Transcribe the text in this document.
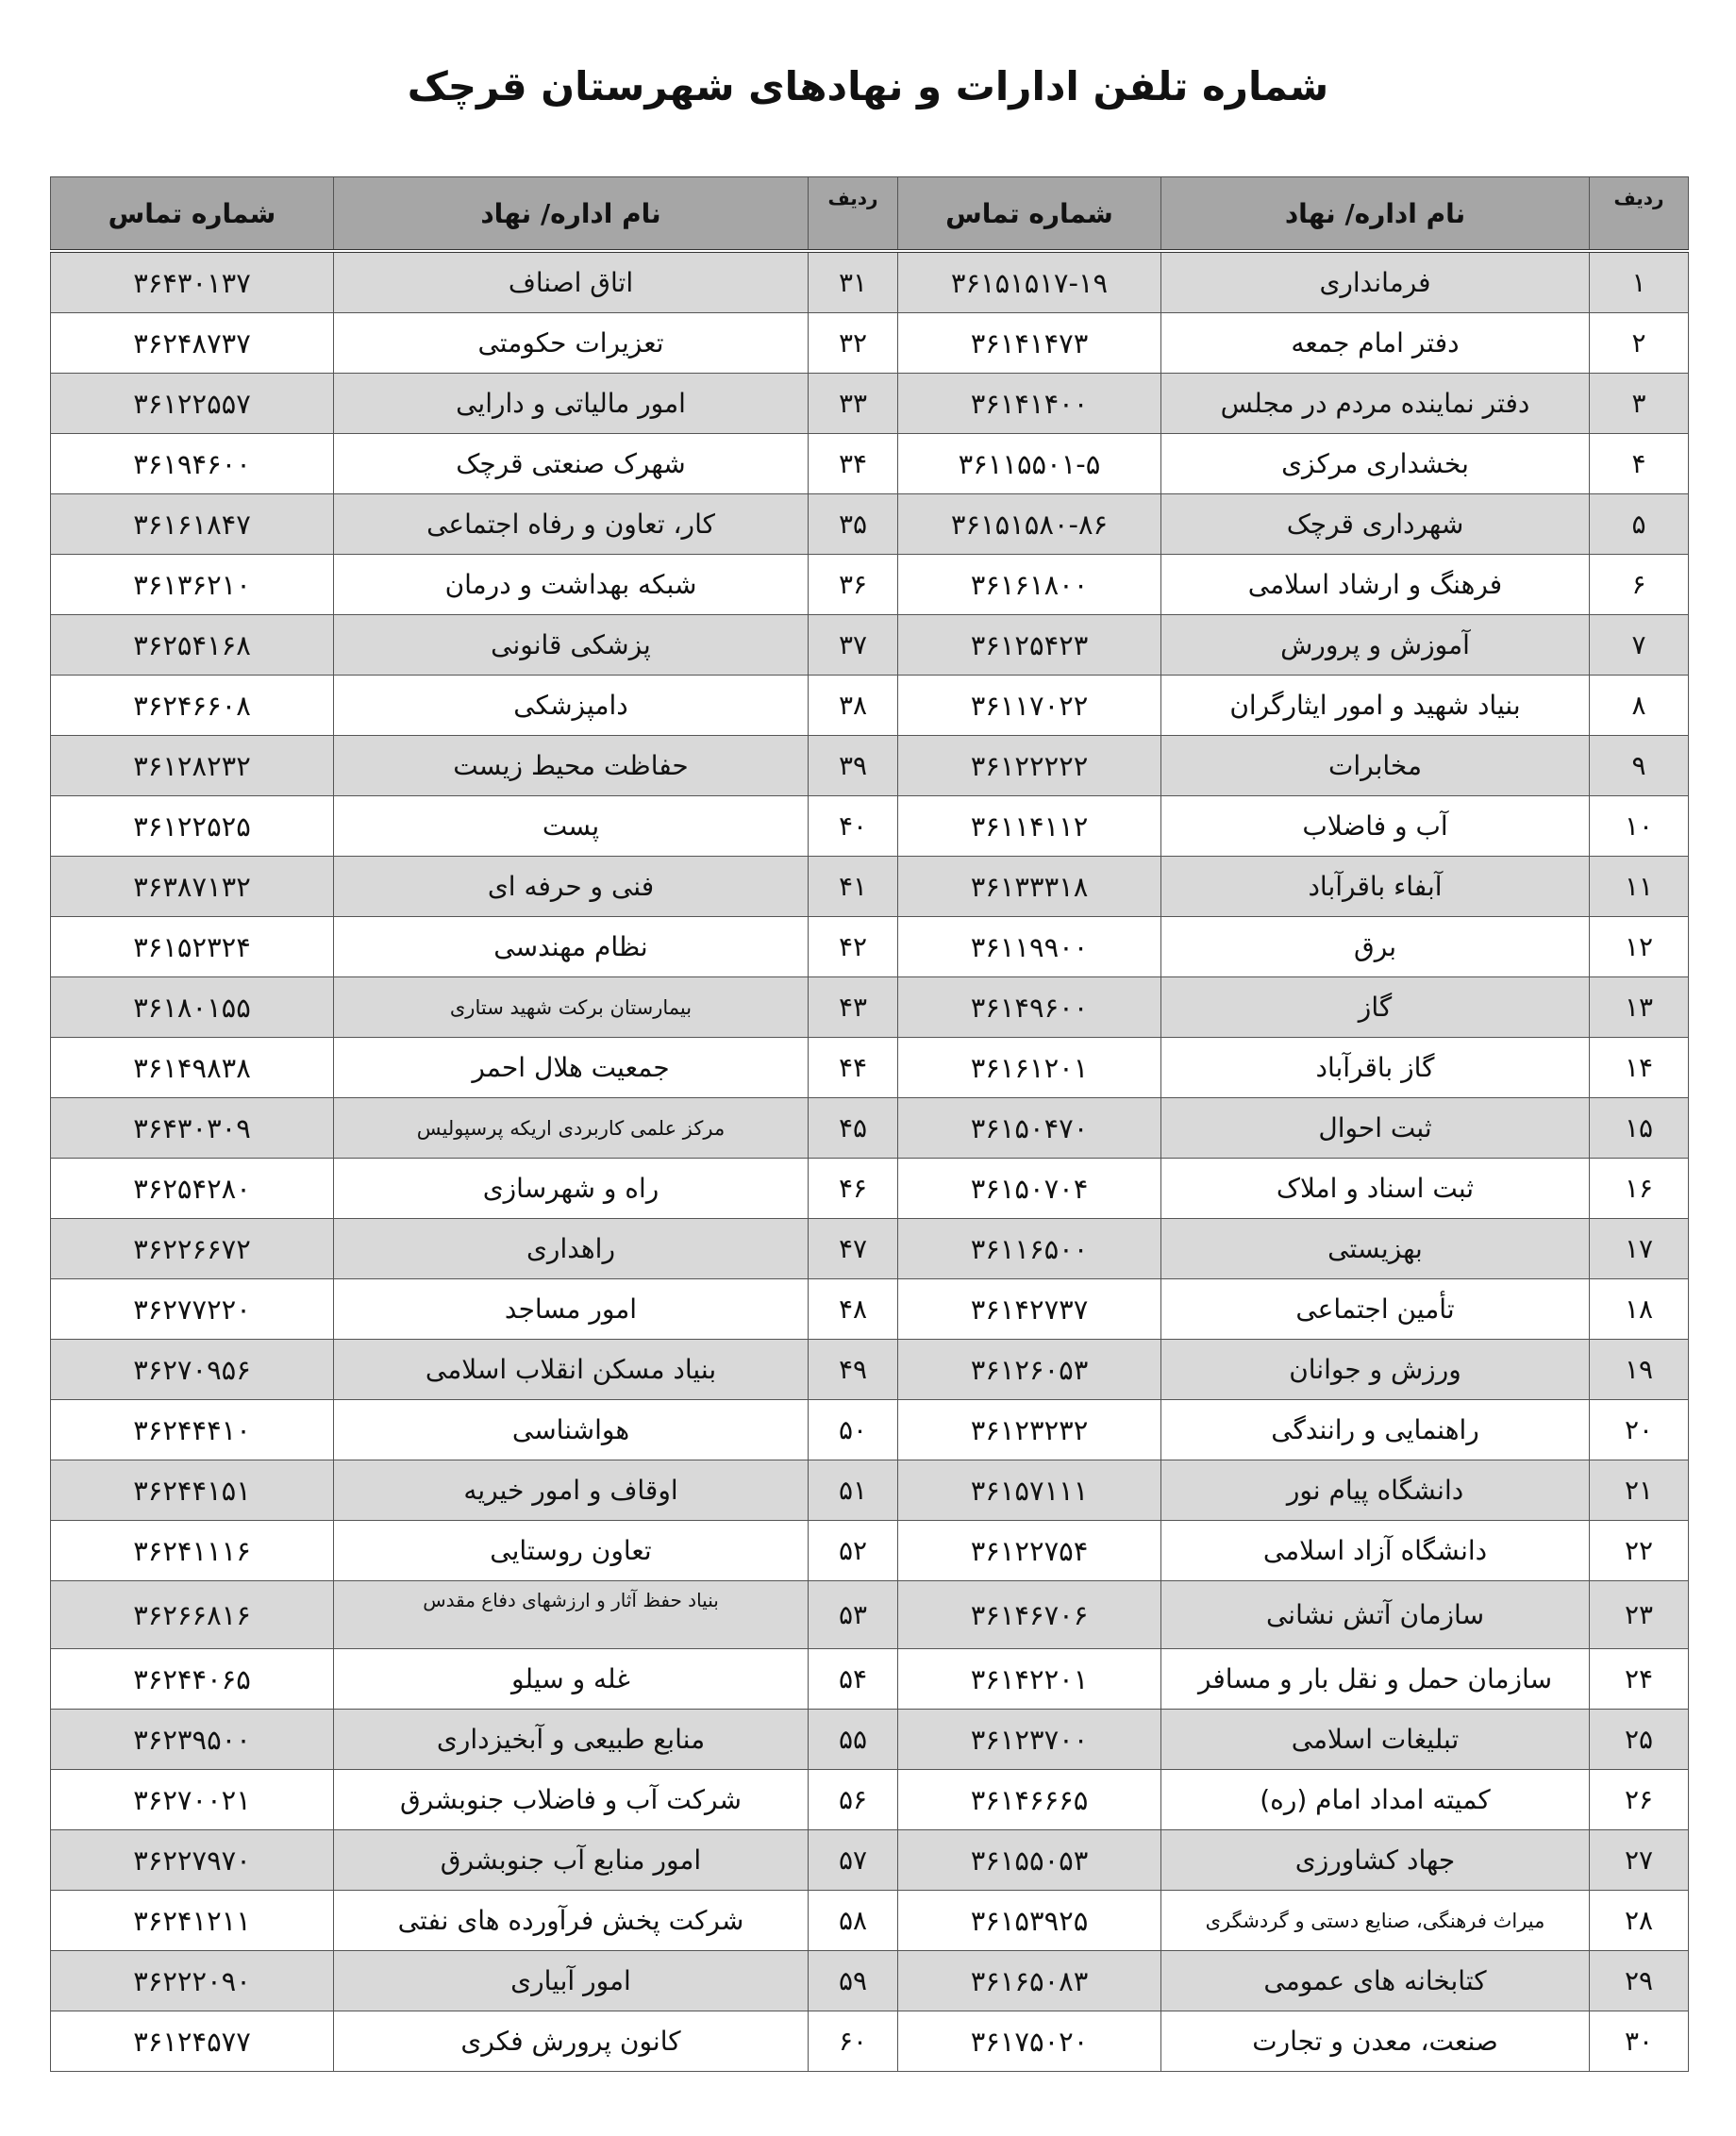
شماره تلفن ادارات و نهادهای شهرستان قرچک
ردیف	نام اداره/ نهاد	شماره تماس	ردیف	نام اداره/ نهاد	شماره تماس
۱	فرمانداری	۳۶۱۵۱۵۱۷-۱۹	۳۱	اتاق اصناف	۳۶۴۳۰۱۳۷
۲	دفتر امام جمعه	۳۶۱۴۱۴۷۳	۳۲	تعزیرات حکومتی	۳۶۲۴۸۷۳۷
۳	دفتر نماینده مردم در مجلس	۳۶۱۴۱۴۰۰	۳۳	امور مالیاتی و دارایی	۳۶۱۲۲۵۵۷
۴	بخشداری مرکزی	۳۶۱۱۵۵۰۱-۵	۳۴	شهرک صنعتی قرچک	۳۶۱۹۴۶۰۰
۵	شهرداری قرچک	۳۶۱۵۱۵۸۰-۸۶	۳۵	کار، تعاون و رفاه اجتماعی	۳۶۱۶۱۸۴۷
۶	فرهنگ و ارشاد اسلامی	۳۶۱۶۱۸۰۰	۳۶	شبکه بهداشت و درمان	۳۶۱۳۶۲۱۰
۷	آموزش و پرورش	۳۶۱۲۵۴۲۳	۳۷	پزشکی قانونی	۳۶۲۵۴۱۶۸
۸	بنیاد شهید و امور ایثارگران	۳۶۱۱۷۰۲۲	۳۸	دامپزشکی	۳۶۲۴۶۶۰۸
۹	مخابرات	۳۶۱۲۲۲۲۲	۳۹	حفاظت محیط زیست	۳۶۱۲۸۲۳۲
۱۰	آب و فاضلاب	۳۶۱۱۴۱۱۲	۴۰	پست	۳۶۱۲۲۵۲۵
۱۱	آبفاء باقرآباد	۳۶۱۳۳۳۱۸	۴۱	فنی و حرفه ای	۳۶۳۸۷۱۳۲
۱۲	برق	۳۶۱۱۹۹۰۰	۴۲	نظام مهندسی	۳۶۱۵۲۳۲۴
۱۳	گاز	۳۶۱۴۹۶۰۰	۴۳	بیمارستان برکت شهید ستاری	۳۶۱۸۰۱۵۵
۱۴	گاز باقرآباد	۳۶۱۶۱۲۰۱	۴۴	جمعیت هلال احمر	۳۶۱۴۹۸۳۸
۱۵	ثبت احوال	۳۶۱۵۰۴۷۰	۴۵	مرکز علمی کاربردی اریکه پرسپولیس	۳۶۴۳۰۳۰۹
۱۶	ثبت اسناد و املاک	۳۶۱۵۰۷۰۴	۴۶	راه و شهرسازی	۳۶۲۵۴۲۸۰
۱۷	بهزیستی	۳۶۱۱۶۵۰۰	۴۷	راهداری	۳۶۲۲۶۶۷۲
۱۸	تأمین اجتماعی	۳۶۱۴۲۷۳۷	۴۸	امور مساجد	۳۶۲۷۷۲۲۰
۱۹	ورزش و جوانان	۳۶۱۲۶۰۵۳	۴۹	بنیاد مسکن انقلاب اسلامی	۳۶۲۷۰۹۵۶
۲۰	راهنمایی و رانندگی	۳۶۱۲۳۲۳۲	۵۰	هواشناسی	۳۶۲۴۴۴۱۰
۲۱	دانشگاه پیام نور	۳۶۱۵۷۱۱۱	۵۱	اوقاف و امور خیریه	۳۶۲۴۴۱۵۱
۲۲	دانشگاه آزاد اسلامی	۳۶۱۲۲۷۵۴	۵۲	تعاون روستایی	۳۶۲۴۱۱۱۶
۲۳	سازمان آتش نشانی	۳۶۱۴۶۷۰۶	۵۳	بنیاد حفظ آثار و ارزشهای دفاع مقدس	۳۶۲۶۶۸۱۶
۲۴	سازمان حمل و نقل بار و مسافر	۳۶۱۴۲۲۰۱	۵۴	غله و سیلو	۳۶۲۴۴۰۶۵
۲۵	تبلیغات اسلامی	۳۶۱۲۳۷۰۰	۵۵	منابع طبیعی و آبخیزداری	۳۶۲۳۹۵۰۰
۲۶	کمیته امداد امام (ره)	۳۶۱۴۶۶۶۵	۵۶	شرکت آب و فاضلاب جنوبشرق	۳۶۲۷۰۰۲۱
۲۷	جهاد کشاورزی	۳۶۱۵۵۰۵۳	۵۷	امور منابع آب جنوبشرق	۳۶۲۲۷۹۷۰
۲۸	میراث فرهنگی، صنایع دستی و گردشگری	۳۶۱۵۳۹۲۵	۵۸	شرکت پخش فرآورده های نفتی	۳۶۲۴۱۲۱۱
۲۹	کتابخانه های عمومی	۳۶۱۶۵۰۸۳	۵۹	امور آبیاری	۳۶۲۲۲۰۹۰
۳۰	صنعت، معدن و تجارت	۳۶۱۷۵۰۲۰	۶۰	کانون پرورش فکری	۳۶۱۲۴۵۷۷
